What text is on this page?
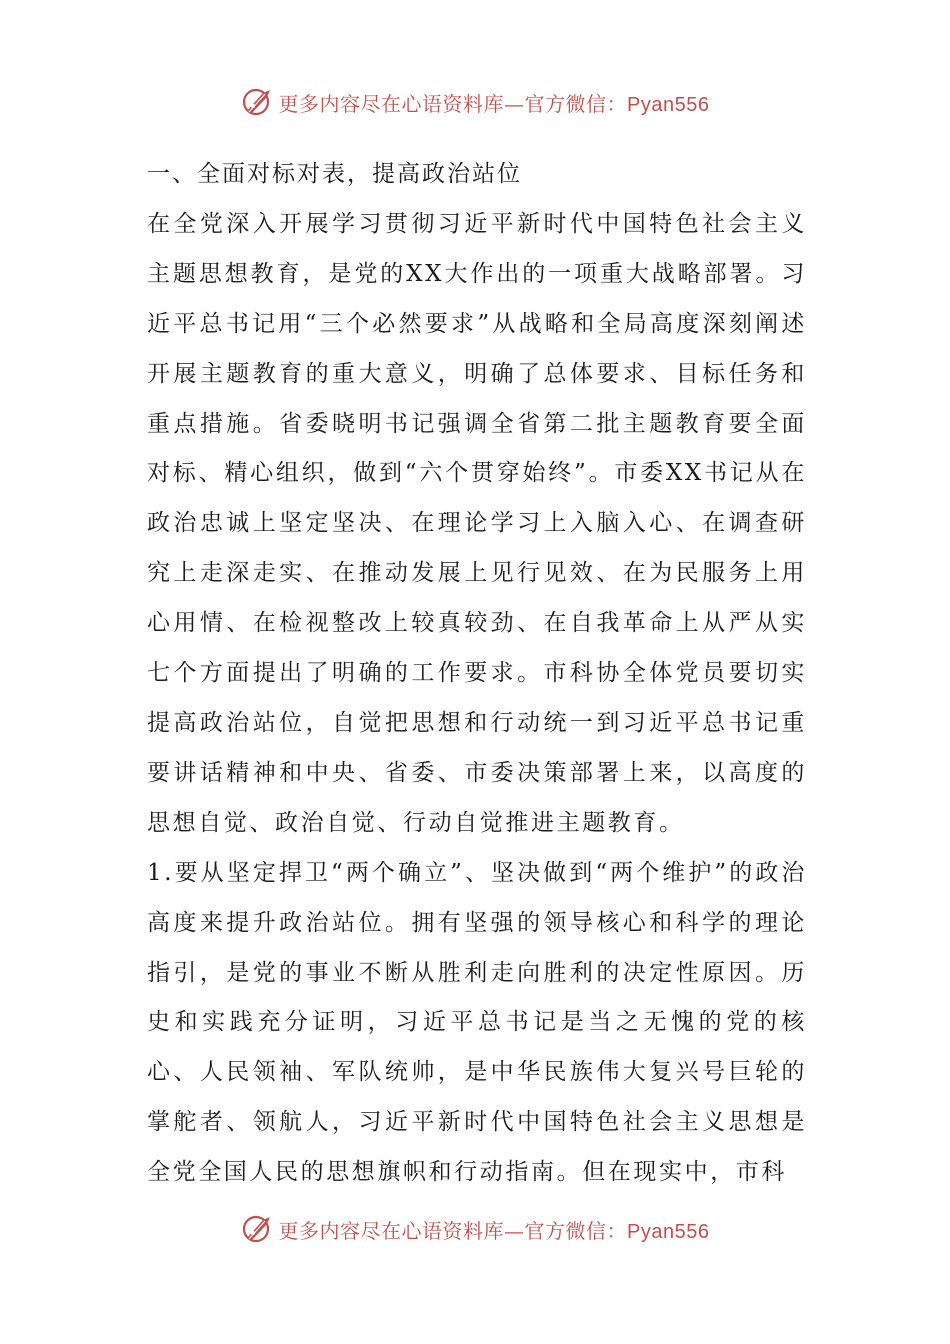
更多内容尽在心语资料库—官方微信：Pyan556

一、全面对标对表，提高政治站位

在全党深入开展学习贯彻习近平新时代中国特色社会主义主题思想教育，是党的XX大作出的一项重大战略部署。习近平总书记用“三个必然要求”从战略和全局高度深刻阐述开展主题教育的重大意义，明确了总体要求、目标任务和重点措施。省委晓明书记强调全省第二批主题教育要全面对标、精心组织，做到“六个贯穿始终”。市委XX书记从在政治忠诚上坚定坚决、在理论学习上入脑入心、在调查研究上走深走实、在推动发展上见行见效、在为民服务上用心用情、在检视整改上较真较劲、在自我革命上从严从实七个方面提出了明确的工作要求。市科协全体党员要切实提高政治站位，自觉把思想和行动统一到习近平总书记重要讲话精神和中央、省委、市委决策部署上来，以高度的思想自觉、政治自觉、行动自觉推进主题教育。

1.要从坚定捍卫“两个确立”、坚决做到“两个维护”的政治高度来提升政治站位。拥有坚强的领导核心和科学的理论指引，是党的事业不断从胜利走向胜利的决定性原因。历史和实践充分证明，习近平总书记是当之无愧的党的核心、人民领袖、军队统帅，是中华民族伟大复兴号巨轮的掌舵者、领航人，习近平新时代中国特色社会主义思想是全党全国人民的思想旗帜和行动指南。但在现实中，市科

更多内容尽在心语资料库—官方微信：Pyan556
